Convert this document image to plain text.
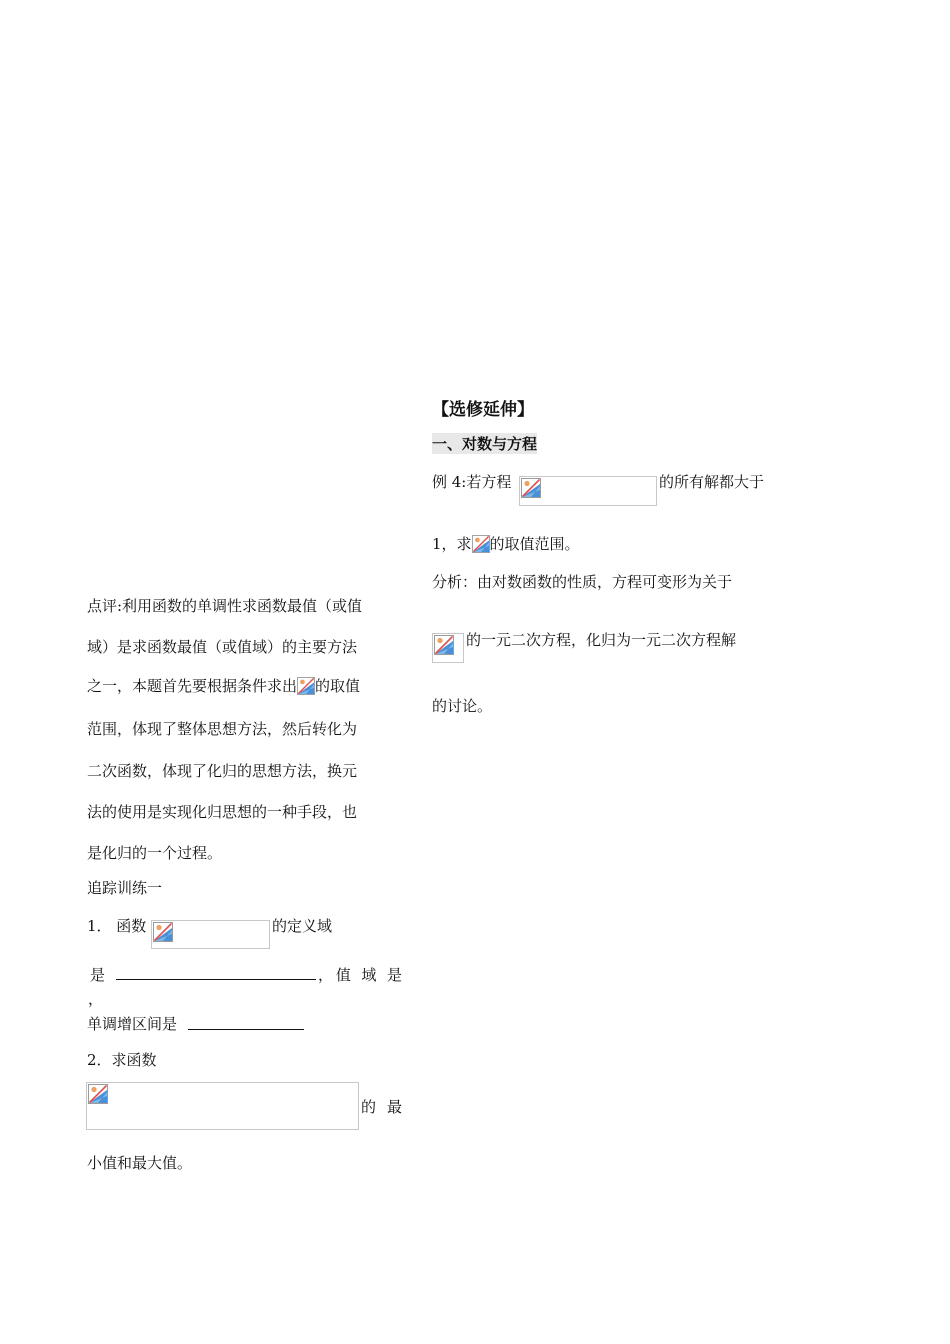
【选修延伸】
一、对数与方程
例 4:若方程	的所有解都大于
1，求 的取值范围。
分析：由对数函数的性质，方程可变形为关于
的一元二次方程，化归为一元二次方程解
的讨论。
点评:利用函数的单调性求函数最值（或值
域）是求函数最值（或值域）的主要方法
之一，本题首先要根据条件求出 的取值
范围，体现了整体思想方法，然后转化为
二次函数，体现了化归的思想方法，换元
法的使用是实现化归思想的一种手段，也
是化归的一个过程。
追踪训练一
1． 函数	的定义域
是	，值 域 是
，
单调增区间是
2．求函数
的 最
小值和最大值。
